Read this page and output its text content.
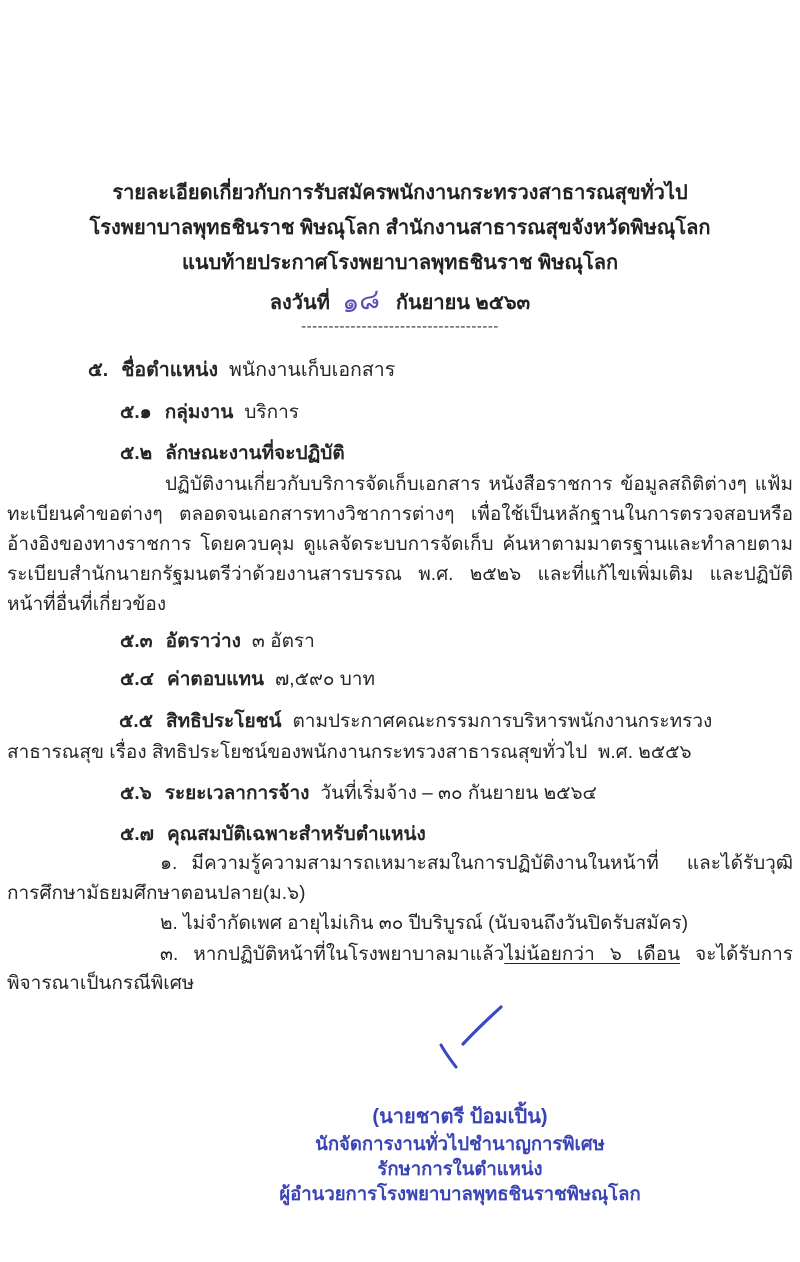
รายละเอียดเกี่ยวกับการรับสมัครพนักงานกระทรวงสาธารณสุขทั่วไป
โรงพยาบาลพุทธชินราช พิษณุโลก สำนักงานสาธารณสุขจังหวัดพิษณุโลก
แนบท้ายประกาศโรงพยาบาลพุทธชินราช พิษณุโลก
ลงวันที่ ๑๘ กันยายน ๒๕๖๓
------------------------------------
๕. ชื่อตำแหน่ง พนักงานเก็บเอกสาร
๕.๑ กลุ่มงาน บริการ
๕.๒ ลักษณะงานที่จะปฏิบัติ
ปฏิบัติงานเกี่ยวกับบริการจัดเก็บเอกสาร หนังสือราชการ ข้อมูลสถิติต่างๆ แฟ้มทะเบียนคำขอต่างๆ ตลอดจนเอกสารทางวิชาการต่างๆ เพื่อใช้เป็นหลักฐานในการตรวจสอบหรืออ้างอิงของทางราชการ โดยควบคุม ดูแลจัดระบบการจัดเก็บ ค้นหาตามมาตรฐานและทำลายตามระเบียบสำนักนายกรัฐมนตรีว่าด้วยงานสารบรรณ พ.ศ. ๒๕๒๖ และที่แก้ไขเพิ่มเติม และปฏิบัติหน้าที่อื่นที่เกี่ยวข้อง
๕.๓ อัตราว่าง ๓ อัตรา
๕.๔ ค่าตอบแทน ๗,๕๙๐ บาท
๕.๕ สิทธิประโยชน์ ตามประกาศคณะกรรมการบริหารพนักงานกระทรวงสาธารณสุข เรื่อง สิทธิประโยชน์ของพนักงานกระทรวงสาธารณสุขทั่วไป  พ.ศ. ๒๕๕๖
๕.๖ ระยะเวลาการจ้าง วันที่เริ่มจ้าง – ๓๐ กันยายน ๒๕๖๔
๕.๗ คุณสมบัติเฉพาะสำหรับตำแหน่ง
๑. มีความรู้ความสามารถเหมาะสมในการปฏิบัติงานในหน้าที่  และได้รับวุฒิการศึกษามัธยมศึกษาตอนปลาย(ม.๖)
๒. ไม่จำกัดเพศ อายุไม่เกิน ๓๐ ปีบริบูรณ์ (นับจนถึงวันปิดรับสมัคร)
๓. หากปฏิบัติหน้าที่ในโรงพยาบาลมาแล้วไม่น้อยกว่า ๖ เดือน จะได้รับการพิจารณาเป็นกรณีพิเศษ
(นายชาตรี ป้อมเปิ้น)
นักจัดการงานทั่วไปชำนาญการพิเศษ
รักษาการในตำแหน่ง
ผู้อำนวยการโรงพยาบาลพุทธชินราชพิษณุโลก
